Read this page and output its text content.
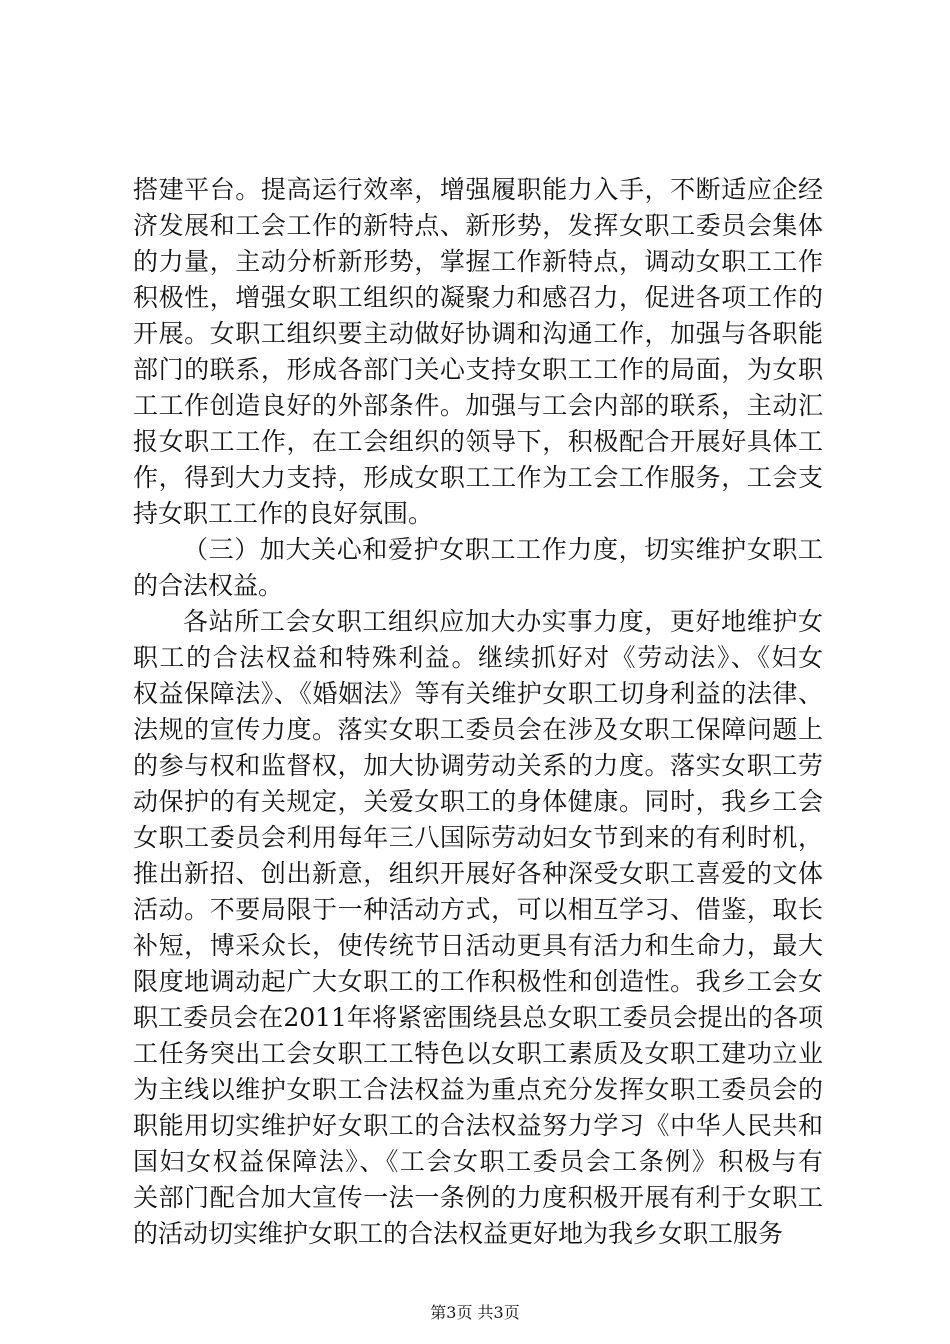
搭建平台。提高运行效率，增强履职能力入手，不断适应企经
济发展和工会工作的新特点、新形势，发挥女职工委员会集体
的力量，主动分析新形势，掌握工作新特点，调动女职工工作
积极性，增强女职工组织的凝聚力和感召力，促进各项工作的
开展。女职工组织要主动做好协调和沟通工作，加强与各职能
部门的联系，形成各部门关心支持女职工工作的局面，为女职
工工作创造良好的外部条件。加强与工会内部的联系，主动汇
报女职工工作，在工会组织的领导下，积极配合开展好具体工
作，得到大力支持，形成女职工工作为工会工作服务，工会支
持女职工工作的良好氛围。
（三）加大关心和爱护女职工工作力度，切实维护女职工
的合法权益。
各站所工会女职工组织应加大办实事力度，更好地维护女
职工的合法权益和特殊利益。继续抓好对《劳动法》、《妇女
权益保障法》、《婚姻法》等有关维护女职工切身利益的法律、
法规的宣传力度。落实女职工委员会在涉及女职工保障问题上
的参与权和监督权，加大协调劳动关系的力度。落实女职工劳
动保护的有关规定，关爱女职工的身体健康。同时，我乡工会
女职工委员会利用每年三八国际劳动妇女节到来的有利时机，
推出新招、创出新意，组织开展好各种深受女职工喜爱的文体
活动。不要局限于一种活动方式，可以相互学习、借鉴，取长
补短，博采众长，使传统节日活动更具有活力和生命力，最大
限度地调动起广大女职工的工作积极性和创造性。我乡工会女
职工委员会在2011年将紧密围绕县总女职工委员会提出的各项
工任务突出工会女职工工特色以女职工素质及女职工建功立业
为主线以维护女职工合法权益为重点充分发挥女职工委员会的
职能用切实维护好女职工的合法权益努力学习《中华人民共和
国妇女权益保障法》、《工会女职工委员会工条例》积极与有
关部门配合加大宣传一法一条例的力度积极开展有利于女职工
的活动切实维护女职工的合法权益更好地为我乡女职工服务
第3页 共3页
